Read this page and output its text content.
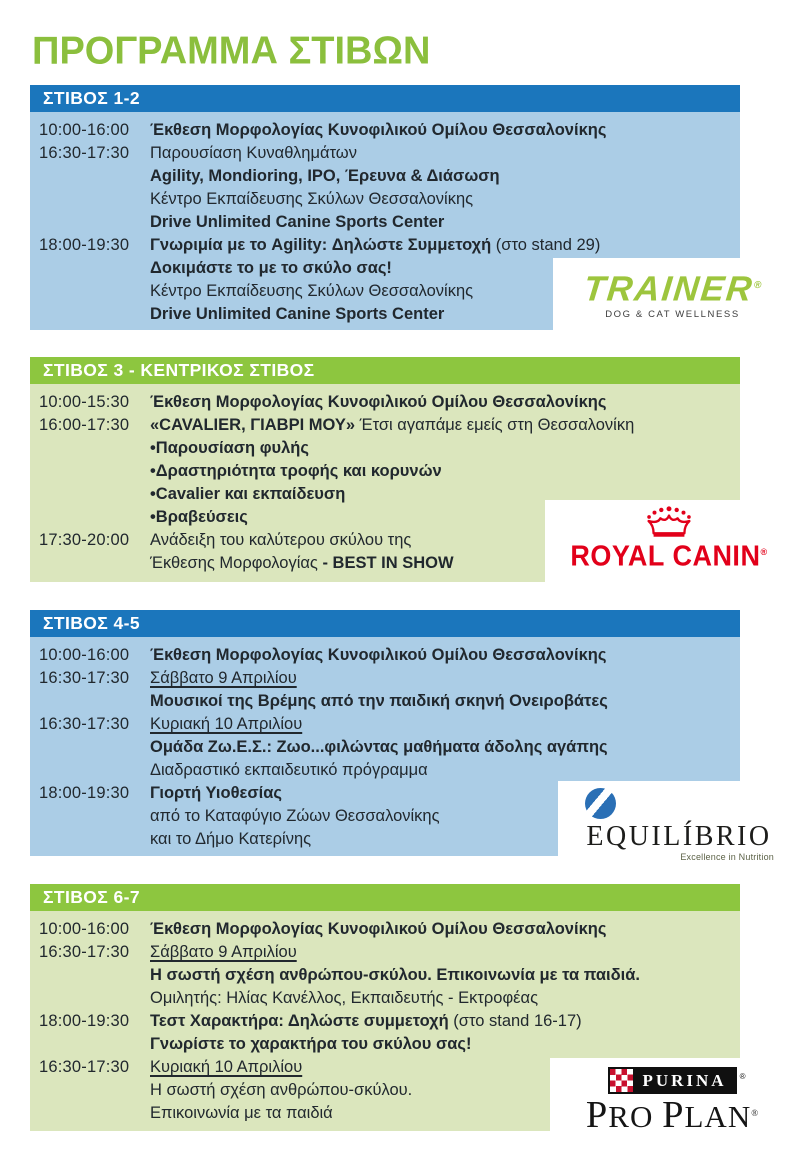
ΠΡΟΓΡΑΜΜΑ ΣΤΙΒΩΝ
ΣΤΙΒΟΣ 1-2
10:00-16:00	Έκθεση Μορφολογίας Κυνοφιλικού Ομίλου Θεσσαλονίκης
16:30-17:30	Παρουσίαση Κυναθλημάτων
Agility, Mondioring, IPO, Έρευνα & Διάσωση
Κέντρο Εκπαίδευσης Σκύλων Θεσσαλονίκης
Drive Unlimited Canine Sports Center
18:00-19:30	Γνωριμία με το Agility: Δηλώστε Συμμετοχή (στο stand 29)
Δοκιμάστε το με το σκύλο σας!
Κέντρο Εκπαίδευσης Σκύλων Θεσσαλονίκης
Drive Unlimited Canine Sports Center
ΣΤΙΒΟΣ 3 - ΚΕΝΤΡΙΚΟΣ ΣΤΙΒΟΣ
10:00-15:30	Έκθεση Μορφολογίας Κυνοφιλικού Ομίλου Θεσσαλονίκης
16:00-17:30	«CAVALIER, ΓΙΑΒΡΙ ΜΟΥ» Έτσι αγαπάμε εμείς στη Θεσσαλονίκη
•Παρουσίαση φυλής
•Δραστηριότητα τροφής και κορυνών
•Cavalier και εκπαίδευση
•Βραβεύσεις
17:30-20:00	Ανάδειξη του καλύτερου σκύλου της
Έκθεσης Μορφολογίας - BEST IN SHOW
ΣΤΙΒΟΣ 4-5
10:00-16:00	Έκθεση Μορφολογίας Κυνοφιλικού Ομίλου Θεσσαλονίκης
16:30-17:30	Σάββατο 9 Απριλίου
Μουσικοί της Βρέμης από την παιδική σκηνή Ονειροβάτες
16:30-17:30	Κυριακή 10 Απριλίου
Ομάδα Ζω.Ε.Σ.: Ζωο...φιλώντας μαθήματα άδολης αγάπης
Διαδραστικό εκπαιδευτικό πρόγραμμα
18:00-19:30	Γιορτή Υιοθεσίας
από το Καταφύγιο Ζώων Θεσσαλονίκης
και το Δήμο Κατερίνης
ΣΤΙΒΟΣ 6-7
10:00-16:00	Έκθεση Μορφολογίας Κυνοφιλικού Ομίλου Θεσσαλονίκης
16:30-17:30	Σάββατο 9 Απριλίου
Η σωστή σχέση ανθρώπου-σκύλου. Επικοινωνία με τα παιδιά.
Ομιλητής: Ηλίας Κανέλλος, Εκπαιδευτής - Εκτροφέας
18:00-19:30	Τεστ Χαρακτήρα: Δηλώστε συμμετοχή (στο stand 16-17)
Γνωρίστε το χαρακτήρα του σκύλου σας!
16:30-17:30	Κυριακή 10 Απριλίου
Η σωστή σχέση ανθρώπου-σκύλου.
Επικοινωνία με τα παιδιά
TRAINER®
DOG & CAT WELLNESS
ROYAL CANIN®
EQUILÍBRIO
Excellence in Nutrition
PURINA ®
PRO PLAN®
